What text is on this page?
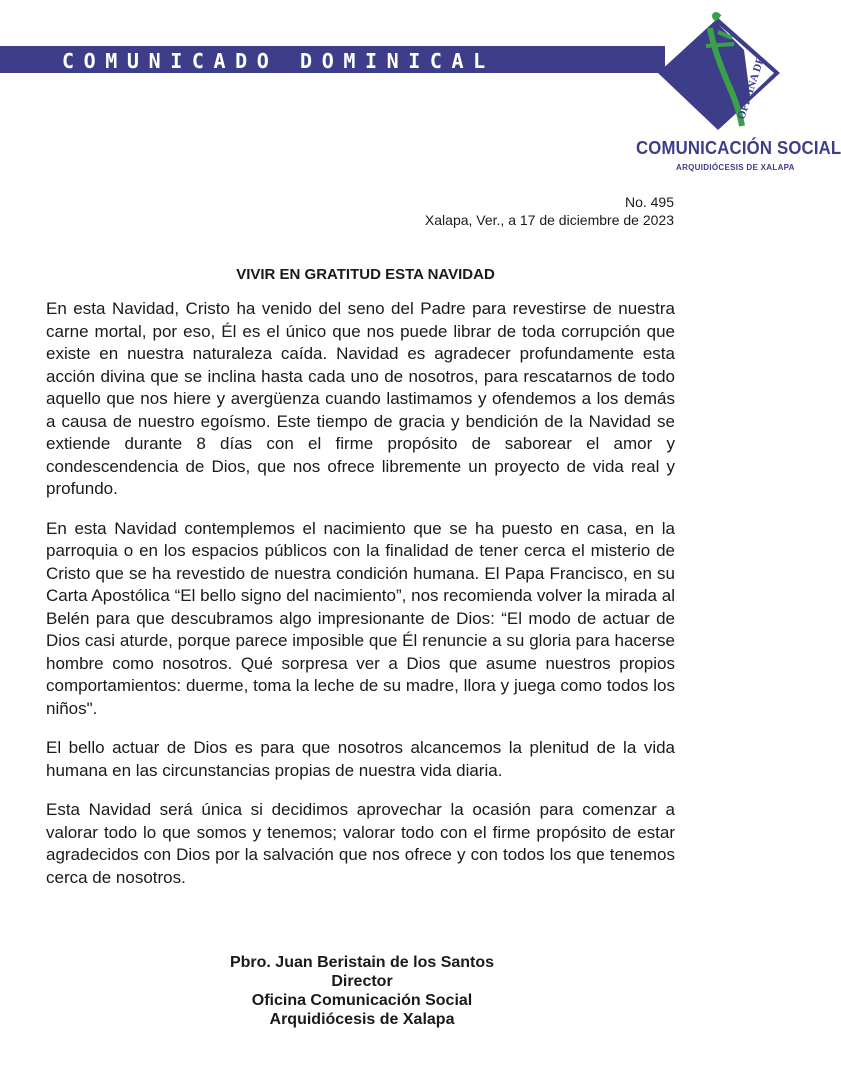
COMUNICADO DOMINICAL	OFICINA DE
COMUNICACIÓN SOCIAL
ARQUIDIÓCESIS DE XALAPA
No. 495
Xalapa, Ver., a 17 de diciembre de 2023
VIVIR EN GRATITUD ESTA NAVIDAD

En esta Navidad, Cristo ha venido del seno del Padre para revestirse de nuestra carne mortal, por eso, Él es el único que nos puede librar de toda corrupción que existe en nuestra naturaleza caída. Navidad es agradecer profundamente esta acción divina que se inclina hasta cada uno de nosotros, para rescatarnos de todo aquello que nos hiere y avergüenza cuando lastimamos y ofendemos a los demás a causa de nuestro egoísmo. Este tiempo de gracia y bendición de la Navidad se extiende durante 8 días con el firme propósito de saborear el amor y condescendencia de Dios, que nos ofrece libremente un proyecto de vida real y profundo.

En esta Navidad contemplemos el nacimiento que se ha puesto en casa, en la parroquia o en los espacios públicos con la finalidad de tener cerca el misterio de Cristo que se ha revestido de nuestra condición humana. El Papa Francisco, en su Carta Apostólica “El bello signo del nacimiento”, nos recomienda volver la mirada al Belén para que descubramos algo impresionante de Dios: “El modo de actuar de Dios casi aturde, porque parece imposible que Él renuncie a su gloria para hacerse hombre como nosotros. Qué sorpresa ver a Dios que asume nuestros propios comportamientos: duerme, toma la leche de su madre, llora y juega como todos los niños".

El bello actuar de Dios es para que nosotros alcancemos la plenitud de la vida humana en las circunstancias propias de nuestra vida diaria.

Esta Navidad será única si decidimos aprovechar la ocasión para comenzar a valorar todo lo que somos y tenemos; valorar todo con el firme propósito de estar agradecidos con Dios por la salvación que nos ofrece y con todos los que tenemos cerca de nosotros.

Pbro. Juan Beristain de los Santos
Director
Oficina Comunicación Social
Arquidiócesis de Xalapa
